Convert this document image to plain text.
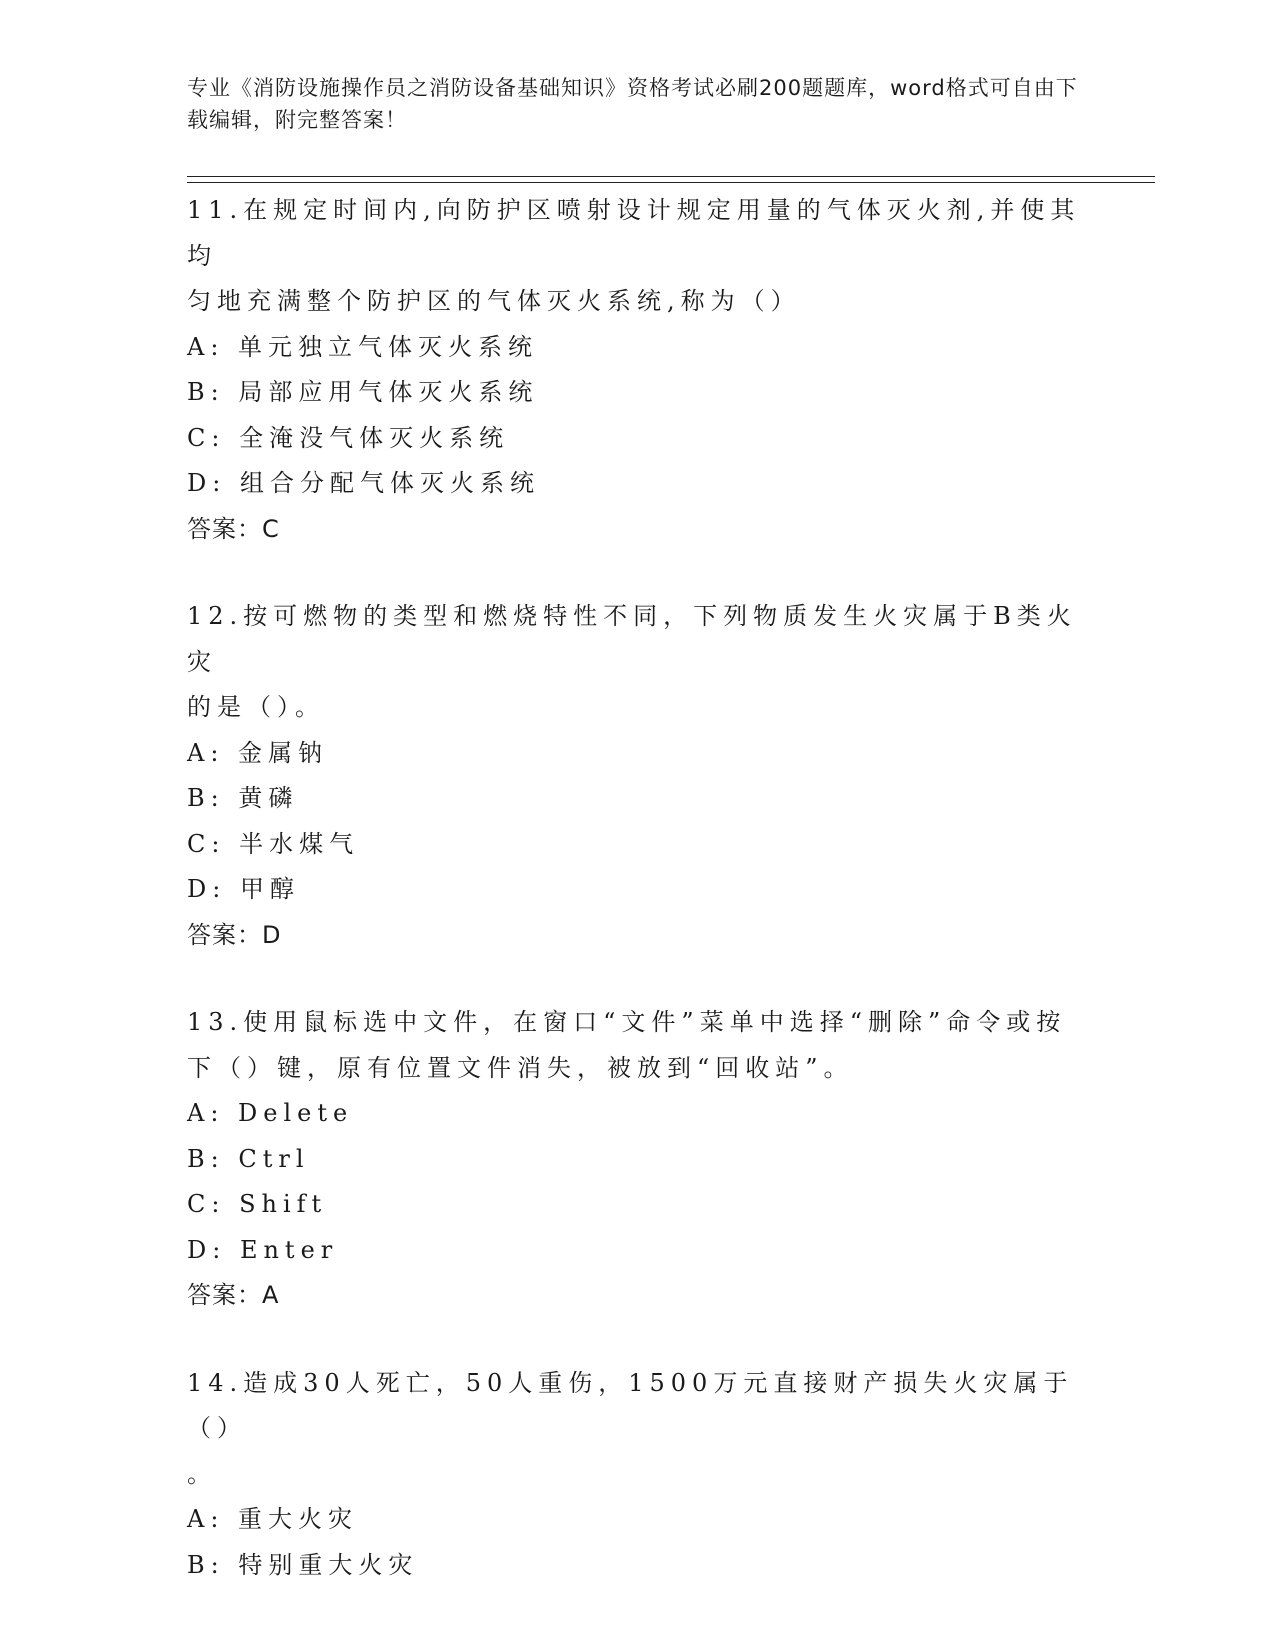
专业《消防设施操作员之消防设备基础知识》资格考试必刷200题题库，word格式可自由下载编辑，附完整答案！

11.在规定时间内,向防护区喷射设计规定用量的气体灭火剂,并使其均

匀地充满整个防护区的气体灭火系统,称为（）

A: 单元独立气体灭火系统

B: 局部应用气体灭火系统

C: 全淹没气体灭火系统

D: 组合分配气体灭火系统

答案：C

12.按可燃物的类型和燃烧特性不同，下列物质发生火灾属于B类火灾

的是（）。

A: 金属钠

B: 黄磷

C: 半水煤气

D: 甲醇

答案：D

13.使用鼠标选中文件，在窗口“文件”菜单中选择“删除”命令或按

下（）键，原有位置文件消失，被放到“回收站”。

A: Delete

B: Ctrl

C: Shift

D: Enter

答案：A

14.造成30人死亡，50人重伤，1500万元直接财产损失火灾属于（）

。

A: 重大火灾

B: 特别重大火灾
